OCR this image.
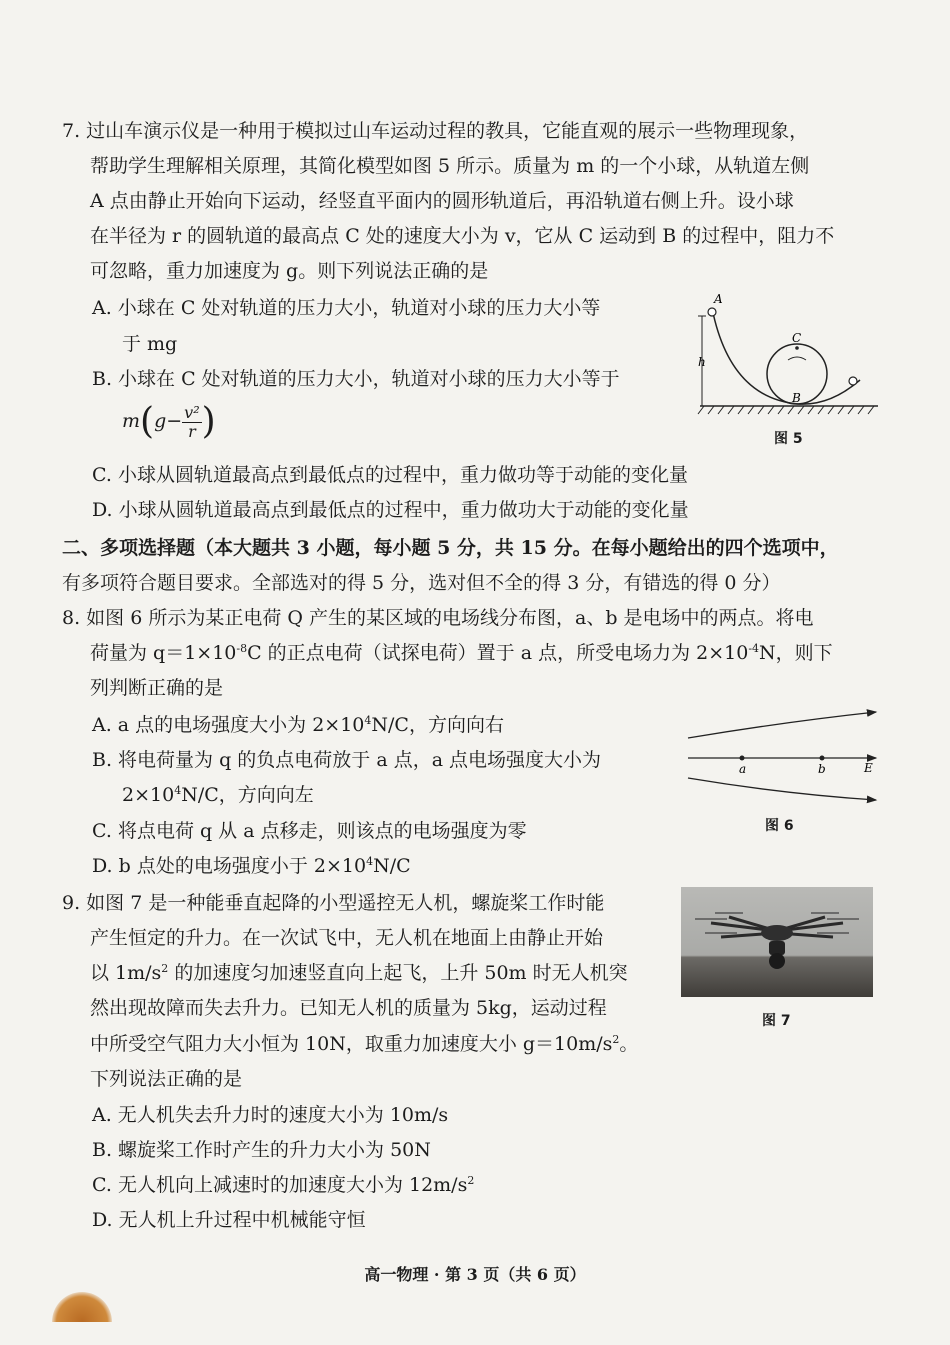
7. 过山车演示仪是一种用于模拟过山车运动过程的教具，它能直观的展示一些物理现象，
帮助学生理解相关原理，其简化模型如图 5 所示。质量为 m 的一个小球，从轨道左侧
A 点由静止开始向下运动，经竖直平面内的圆形轨道后，再沿轨道右侧上升。设小球
在半径为 r 的圆轨道的最高点 C 处的速度大小为 v，它从 C 运动到 B 的过程中，阻力不
可忽略，重力加速度为 g。则下列说法正确的是
A. 小球在 C 处对轨道的压力大小，轨道对小球的压力大小等
于 mg
B. 小球在 C 处对轨道的压力大小，轨道对小球的压力大小等于
$m(g- \frac{\text{v²}}{r}$ )
C. 小球从圆轨道最高点到最低点的过程中，重力做功等于动能的变化量
D. 小球从圆轨道最高点到最低点的过程中，重力做功大于动能的变化量
A
C
h
B
图 5
二、多项选择题（本大题共 3 小题，每小题 5 分，共 15 分。在每小题给出的四个选项中，
有多项符合题目要求。全部选对的得 5 分，选对但不全的得 3 分，有错选的得 0 分）
8. 如图 6 所示为某正电荷 Q 产生的某区域的电场线分布图，a、b 是电场中的两点。将电
荷量为 $q=1\times 10^{-8}C$ 的正点电荷（试探电荷）置于 a 点，所受电场力为 $2\times 10^{-4}N$，则下
列判断正确的是
A. a 点的电场强度大小为 $2\times 10^4N/C$，方向向右
B. 将电荷量为 q 的负点电荷放于 a 点，a 点电场强度大小为
$2\times 10^4N/C$，方向向左
C. 将点电荷 q 从 a 点移走，则该点的电场强度为零
D. b 点处的电场强度小于 $2\times 10^4N/C$
a	b	E
图 6
9. 如图 7 是一种能垂直起降的小型遥控无人机，螺旋桨工作时能
产生恒定的升力。在一次试飞中，无人机在地面上由静止开始
以 $1m/s^2$ 的加速度匀加速竖直向上起飞，上升 50m 时无人机突
然出现故障而失去升力。已知无人机的质量为 5kg，运动过程
中所受空气阻力大小恒为 10N，取重力加速度大小 $g=10m/s^2$。
下列说法正确的是
A. 无人机失去升力时的速度大小为 10m/s
B. 螺旋桨工作时产生的升力大小为 50N
C. 无人机向上减速时的加速度大小为 $12m/s^2$
D. 无人机上升过程中机械能守恒
图 7
高一物理 · 第 3 页（共 6 页）
